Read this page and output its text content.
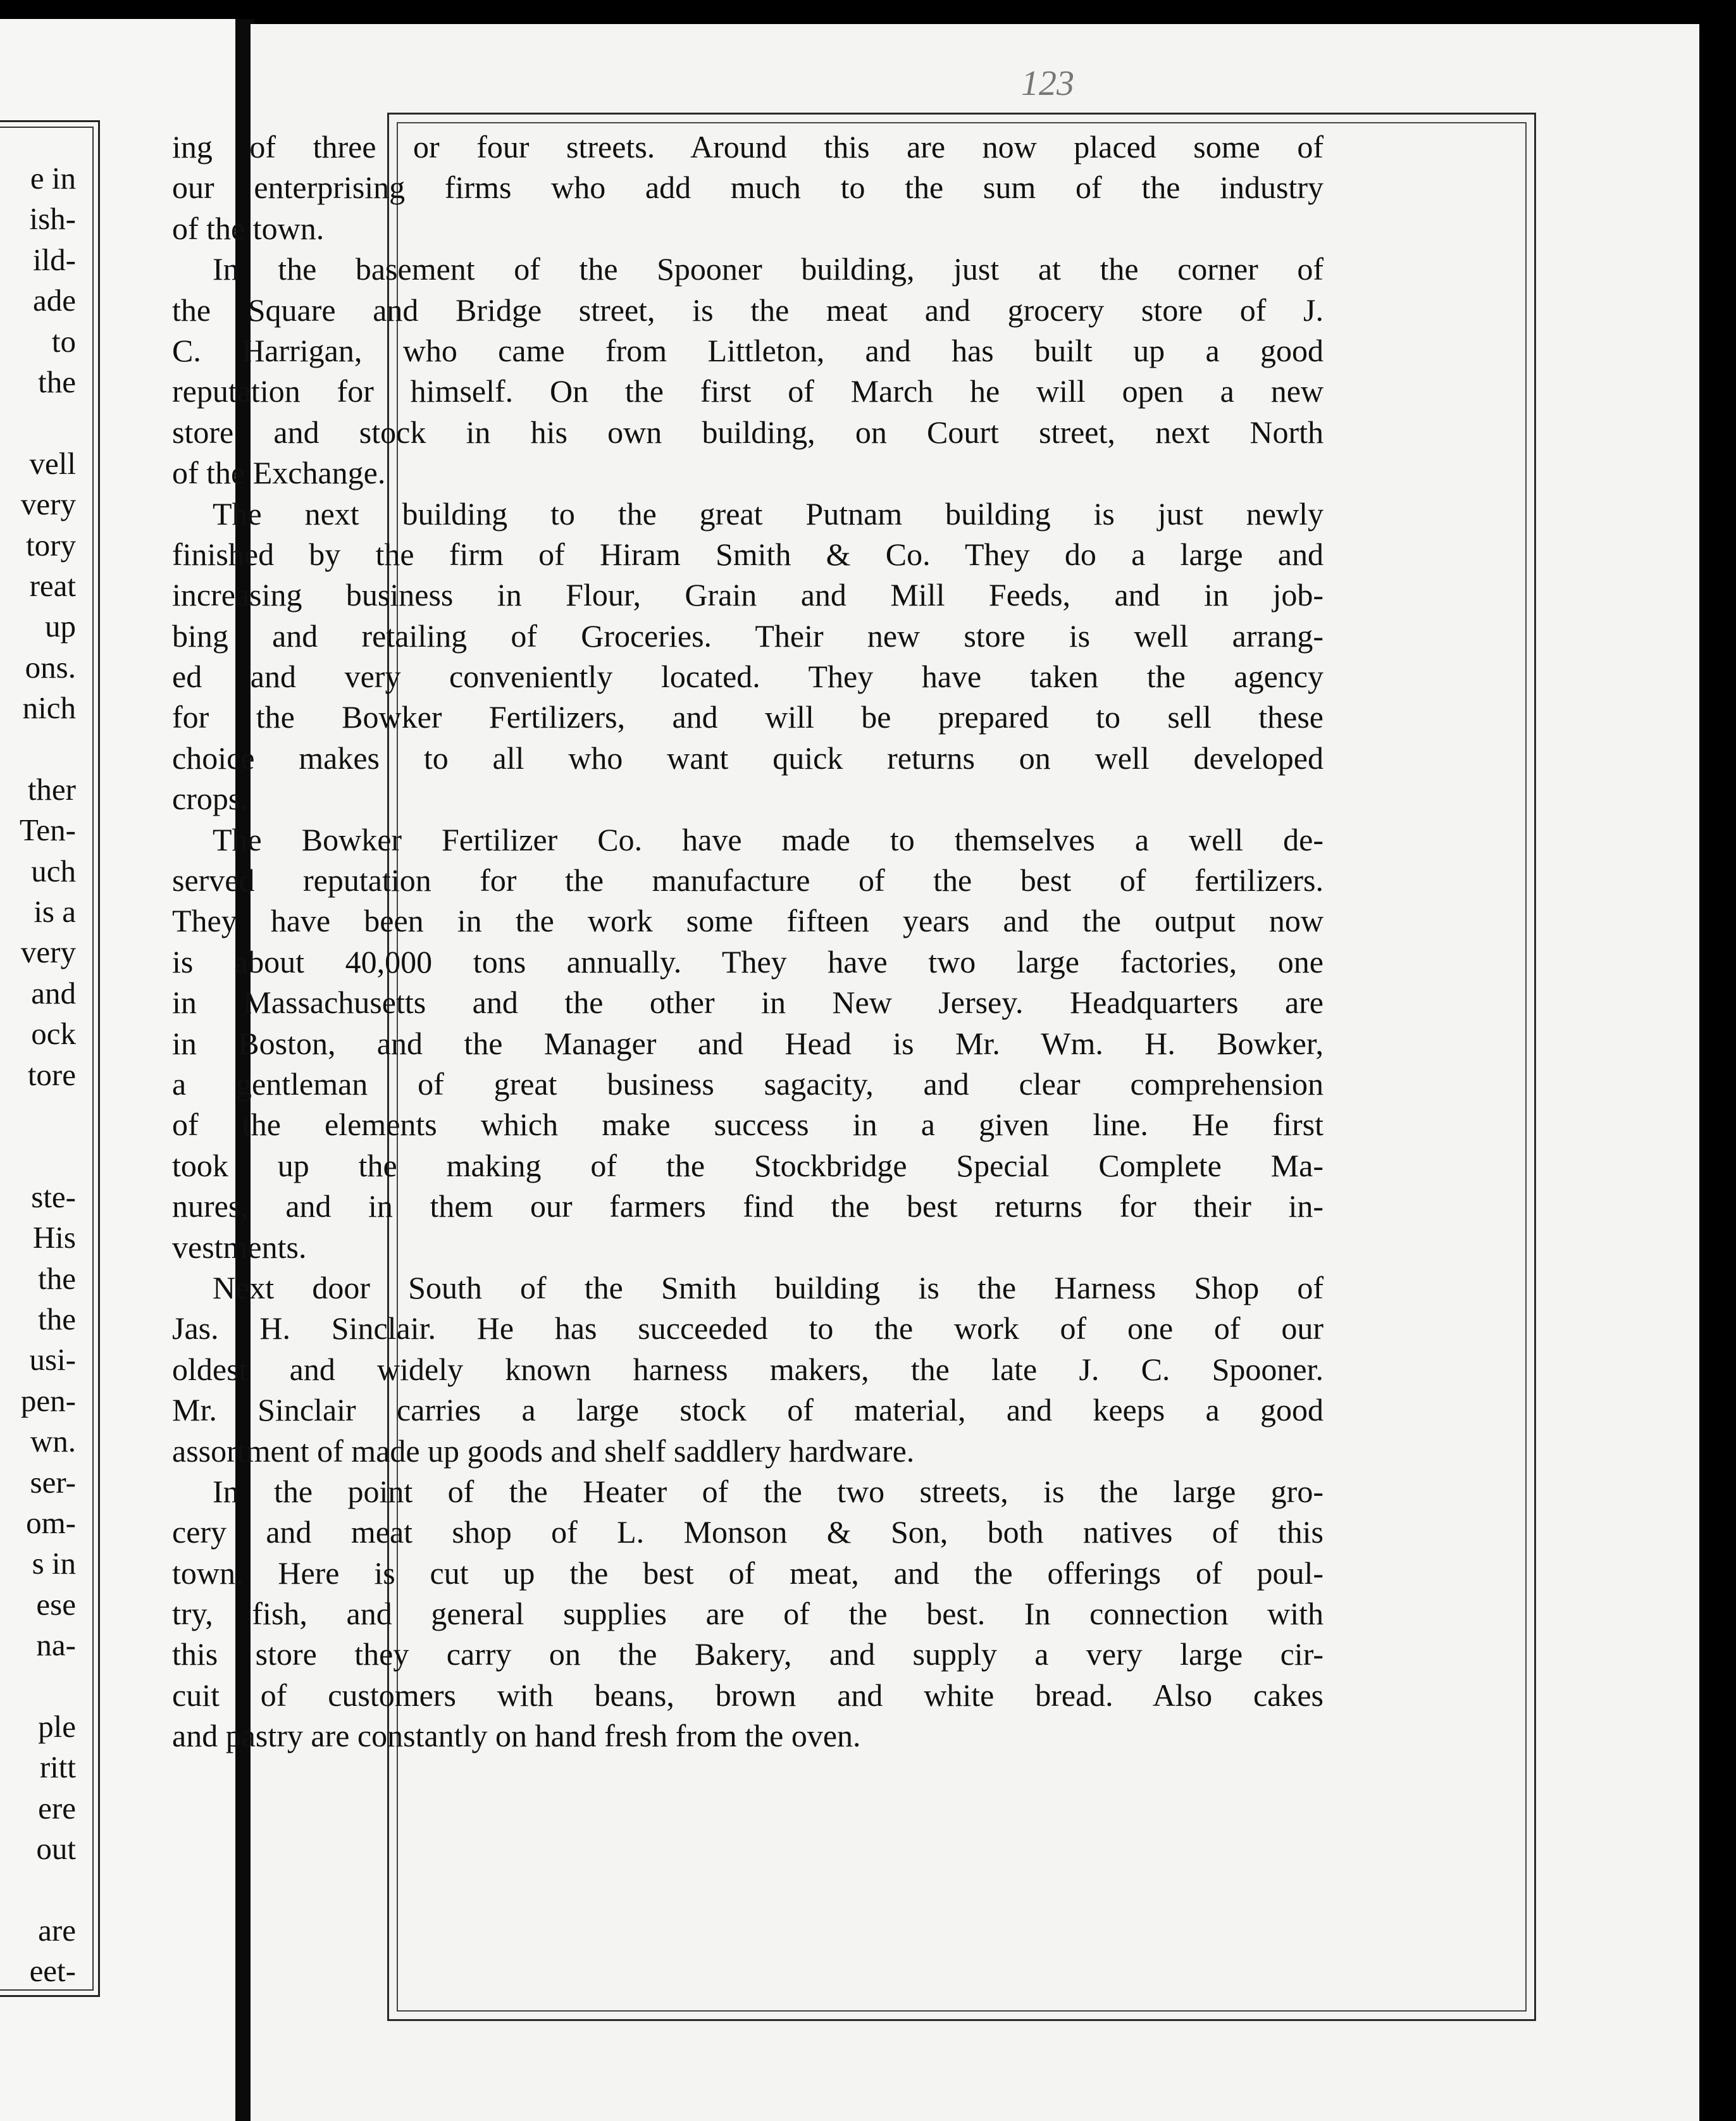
e in
ish-
ild-
ade
to
the
vell
very
tory
reat
up
ons.
nich
ther
Ten-
uch
is a
very
and
ock
tore
ste-
His
the
the
usi-
pen-
wn.
ser-
om-
s in
ese
na-
ple
ritt
ere
out
are
eet-
123
ing of three or four streets. Around this are now placed some of
our enterprising firms who add much to the sum of the industry
of the town.
In the basement of the Spooner building, just at the corner of
the Square and Bridge street, is the meat and grocery store of J.
C. Harrigan, who came from Littleton, and has built up a good
reputation for himself. On the first of March he will open a new
store and stock in his own building, on Court street, next North
of the Exchange.
The next building to the great Putnam building is just newly
finished by the firm of Hiram Smith & Co. They do a large and
increasing business in Flour, Grain and Mill Feeds, and in job-
bing and retailing of Groceries. Their new store is well arrang-
ed and very conveniently located. They have taken the agency
for the Bowker Fertilizers, and will be prepared to sell these
choice makes to all who want quick returns on well developed
crops.
The Bowker Fertilizer Co. have made to themselves a well de-
served reputation for the manufacture of the best of fertilizers.
They have been in the work some fifteen years and the output now
is about 40,000 tons annually. They have two large factories, one
in Massachusetts and the other in New Jersey. Headquarters are
in Boston, and the Manager and Head is Mr. Wm. H. Bowker,
a gentleman of great business sagacity, and clear comprehension
of the elements which make success in a given line. He first
took up the making of the Stockbridge Special Complete Ma-
nures, and in them our farmers find the best returns for their in-
vestments.
Next door South of the Smith building is the Harness Shop of
Jas. H. Sinclair. He has succeeded to the work of one of our
oldest and widely known harness makers, the late J. C. Spooner.
Mr. Sinclair carries a large stock of material, and keeps a good
assortment of made up goods and shelf saddlery hardware.
In the point of the Heater of the two streets, is the large gro-
cery and meat shop of L. Monson & Son, both natives of this
town. Here is cut up the best of meat, and the offerings of poul-
try, fish, and general supplies are of the best. In connection with
this store they carry on the Bakery, and supply a very large cir-
cuit of customers with beans, brown and white bread. Also cakes
and pastry are constantly on hand fresh from the oven.
